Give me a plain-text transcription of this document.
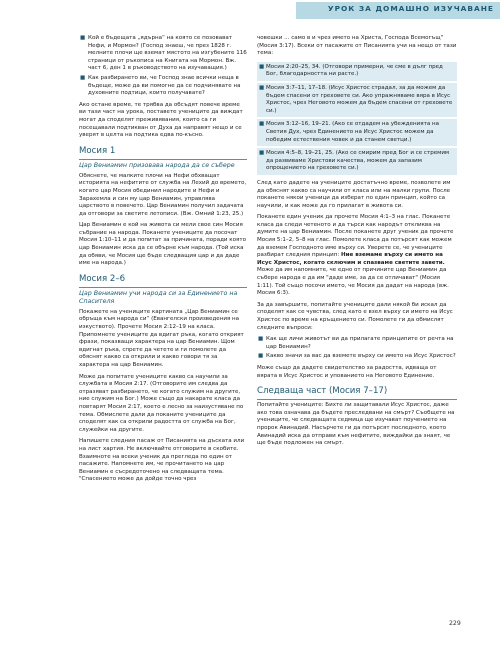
УРОК ЗА ДОМАШНО ИЗУЧАВАНЕ
■ Кой е бъдещата „ядърна“ на която се позовават Нефи, и Мормон? (Господ знаеш, че през 1828 г. мелните плочи ще вземат мястото на изгубените 116 страници от ръкописа на Книгата на Мормон. Вж. част 6, ден 1 в ръководството на изучаващия.)
■ Как разбирането ви, че Господ знае всички неща в бъдеще, може да ви помогне да се подчинявате на духовните подтици, които получавате?

Ако остане време, те трябва да обсъдят повече време ви тази част на урока, поставете учениците да виждат могат да споделят преживявания, които са ги посещавали подтикван от Духа да направят нещо и се уверят в целта на подтика едва по-късно.

Мосия 1
Цар Вениамин призовава народа да се събере

Обяснете, че малките плочи на Нефи обхващат историята на нефитите от служба на Лехий до времето, когато цар Мосия обединил народите и Нефи и Зарахемла и син му цар Вениамин, управлява царството в повечето. Цар Вениамин получил задачата да отговори за светите летописи. (Вж. Омний 1:23, 25.)

Цар Вениамин е кой на живота си мели свое син Мосия събрание на народа. Поканете учениците да посочат Мосия 1:10–11 и да попитат за причината, поради която цар Вениамин иска да се обърне към народа. (Той иска да обяви, че Мосия ще бъде следващия цар и да даде име на народа.)

Мосия 2–6
Цар Вениамин учи народа си за Единението на Спасителя

Покажете на учениците картината „Цар Вениамин се обръща към народа си“ (Евангелски произведения на изкуството). Прочете Мосия 2:12–19 на класа. Припомнете учениците да вдигат ръка, когато открият фрази, показващи характера на цар Вениамин. Щом вдигнат ръка, спрете да четете и ги помолете да обяснят какво са открили и какво говори тя за характера на цар Вениамин.

Може да попитате учениците какво са научили за службата в Мосия 2:17. (Отговорите им следва да отразяват разбирането, че когато служим на другите, ние служим на Бог.) Може също да накарате класа да повтарят Мосия 2:17, което е лесно за наизустяване по тема. Обмислете дали да поканите учениците да споделят как са открили радостта от служба на Бог, служейки на другите.

Напишете следния пасаж от Писанията на дъската или на лист хартия. Не включвайте отговорите в скобите. Взаимноте на всеки ученик да прегледа по един от пасажите. Напомнете им, че прочитането на цар Вениамин е съсредоточено на следващата тема. "Спасението може да дойде точно чрез

човешки ... само в и чрез името на Христа, Господа Всемогъщ" (Мосия 3:17). Всеки от пасажите от Писанията учи на нещо от тази тема:

■ Мосия 2:20–25, 34. (Отговори примерни, че сме в дълг пред Бог, благодарността ни расте.)
■ Мосия 3:7–11, 17–18. (Исус Христос страдал, за да можем да бъдем спасени от греховете си. Ако упражняваме вяра в Исус Христос, чрез Неговото можем да бъдем спасени от греховете си.)
■ Мосия 3:12–16, 19–21. (Ако се отдадем на убежденията на Светия Дух, чрез Единението на Исус Христос можем да победим естествения човек и да станем светци.)
■ Мосия 4:5–8, 19–21, 25. (Ако се смирим пред Бог и се стремим да развиваме Христови качества, можем да запазим опрощението на греховете си.)

След като дадете на учениците достатъчно време, позволете им да обяснят какво са научили от класа или на малки групи. После поканете някои ученици да изберат по един принцип, който са научили, и как може да го прилагат в живота си.

Поканете един ученик да прочете Мосия 4:1–3 на глас. Поканете класа да следи четеното и да търси как народът откликва на думите на цар Вениамин. После поканете друг ученик да прочете Мосия 5:1–2, 5–8 на глас. Помолете класа да потърсят как можем да вземем Господното име върху си. Уверете се, че учениците разбират следния принцип: Ние вземаме върху си името на Исус Христос, когато сключим и спазваме светите завети. Може да им напомните, че едно от причините цар Вениамин да събере народа е да им "даде име, за да се отличават" (Мосия 1:11). Той също посочи името, че Мосия да дадат на народа (вж. Мосия 6:3).

За да завършите, попитайте учениците дали някой би искал да споделят как се чувства, след като е взел върху си името на Исус Христос по време на кръщението си. Помолете ги да обмислят следните въпроси:

■ Как ще личи животът ви да прилагате принципите от речта на цар Вениамин?
■ Какво значи за вас да вземете върху си името на Исус Христос?

Може също да дадете свидетелство за радостта, идваща от вярата в Исус Христос и упованието на Неговото Единение.

Следваща част (Мосия 7–17)

Попитайте учениците: Бихте ли защитавали Исус Христос, даже ако това означава да бъдете преследвани на смърт? Съобщете на учениците, че следващата седмица ще изучават поучението на пророк Авинадий. Насърчете ги да потърсят последното, което Авинадий иска да отправи към нефитите, виждайки да знаят, че ще бъде подложен на смърт.

229
